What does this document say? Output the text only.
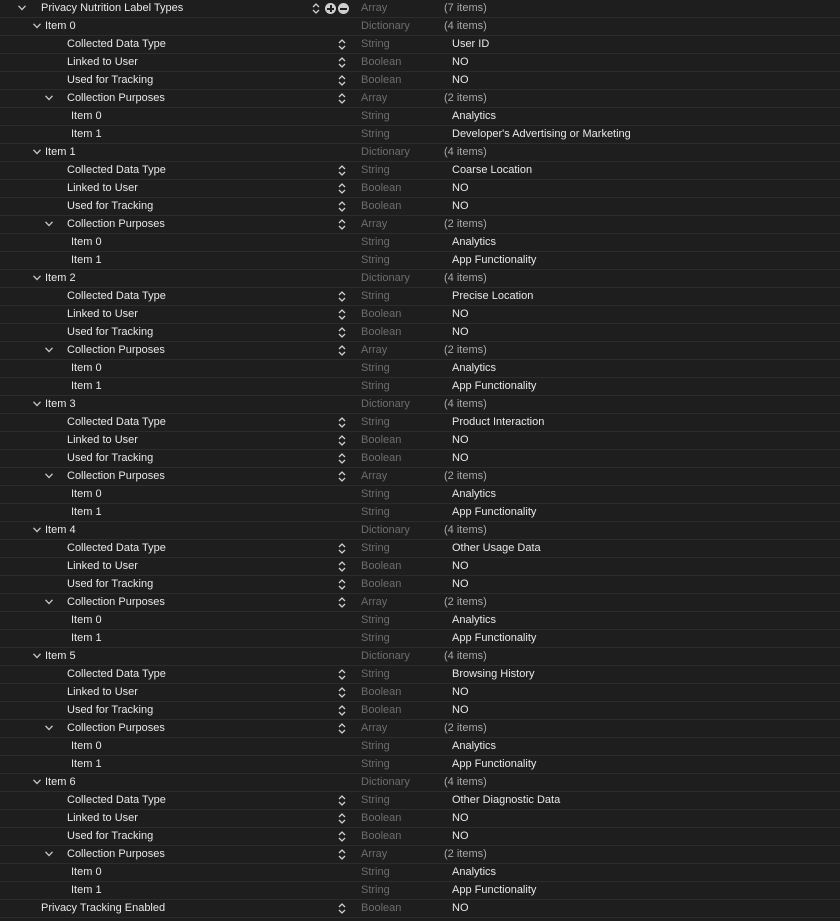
Privacy Nutrition Label Types	Array	(7 items)
Item 0	Dictionary	(4 items)
Collected Data Type	String	User ID
Linked to User	Boolean	NO
Used for Tracking	Boolean	NO
Collection Purposes	Array	(2 items)
Item 0	String	Analytics
Item 1	String	Developer's Advertising or Marketing
Item 1	Dictionary	(4 items)
Collected Data Type	String	Coarse Location
Linked to User	Boolean	NO
Used for Tracking	Boolean	NO
Collection Purposes	Array	(2 items)
Item 0	String	Analytics
Item 1	String	App Functionality
Item 2	Dictionary	(4 items)
Collected Data Type	String	Precise Location
Linked to User	Boolean	NO
Used for Tracking	Boolean	NO
Collection Purposes	Array	(2 items)
Item 0	String	Analytics
Item 1	String	App Functionality
Item 3	Dictionary	(4 items)
Collected Data Type	String	Product Interaction
Linked to User	Boolean	NO
Used for Tracking	Boolean	NO
Collection Purposes	Array	(2 items)
Item 0	String	Analytics
Item 1	String	App Functionality
Item 4	Dictionary	(4 items)
Collected Data Type	String	Other Usage Data
Linked to User	Boolean	NO
Used for Tracking	Boolean	NO
Collection Purposes	Array	(2 items)
Item 0	String	Analytics
Item 1	String	App Functionality
Item 5	Dictionary	(4 items)
Collected Data Type	String	Browsing History
Linked to User	Boolean	NO
Used for Tracking	Boolean	NO
Collection Purposes	Array	(2 items)
Item 0	String	Analytics
Item 1	String	App Functionality
Item 6	Dictionary	(4 items)
Collected Data Type	String	Other Diagnostic Data
Linked to User	Boolean	NO
Used for Tracking	Boolean	NO
Collection Purposes	Array	(2 items)
Item 0	String	Analytics
Item 1	String	App Functionality
Privacy Tracking Enabled	Boolean	NO
